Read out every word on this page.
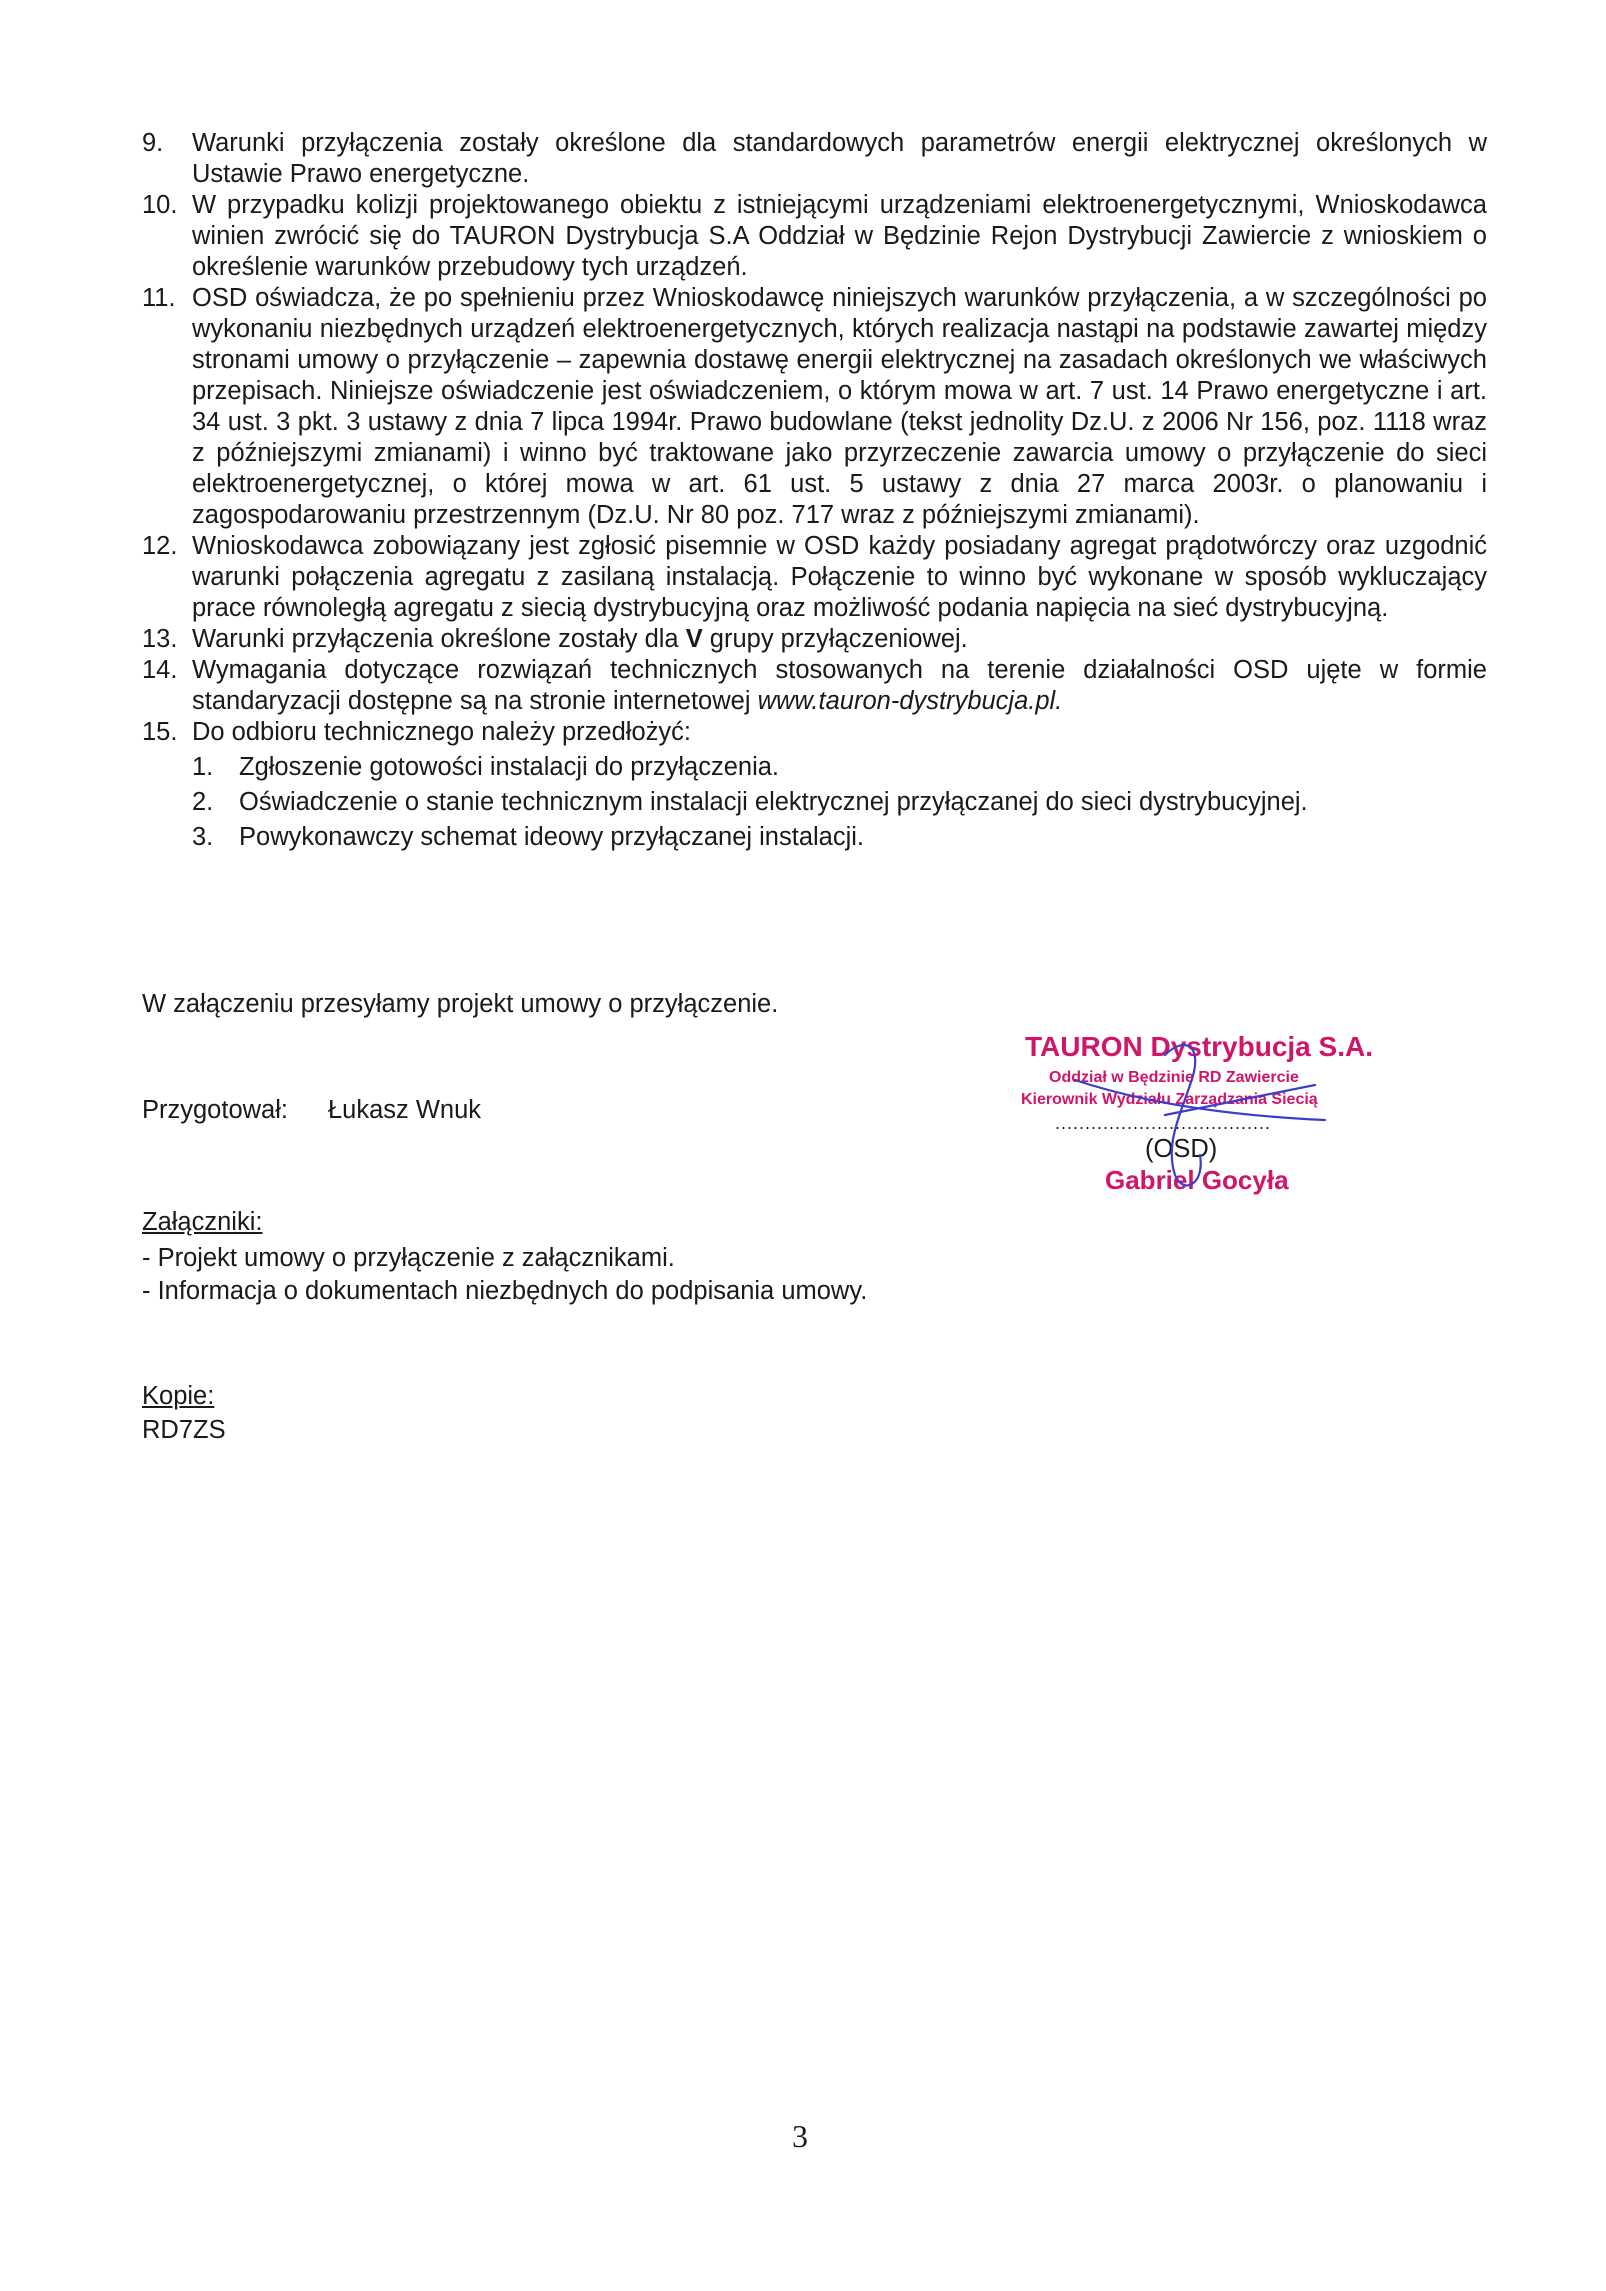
9.	Warunki przyłączenia zostały określone dla standardowych parametrów energii elektrycznej określonych w Ustawie Prawo energetyczne.
10. W przypadku kolizji projektowanego obiektu z istniejącymi urządzeniami elektroenergetycznymi, Wnioskodawca winien zwrócić się do TAURON Dystrybucja S.A Oddział w Będzinie Rejon Dystrybucji Zawiercie z wnioskiem o określenie warunków przebudowy tych urządzeń.
11. OSD oświadcza, że po spełnieniu przez Wnioskodawcę niniejszych warunków przyłączenia, a w szczególności po wykonaniu niezbędnych urządzeń elektroenergetycznych, których realizacja nastąpi na podstawie zawartej między stronami umowy o przyłączenie – zapewnia dostawę energii elektrycznej na zasadach określonych we właściwych przepisach. Niniejsze oświadczenie jest oświadczeniem, o którym mowa w art. 7 ust. 14 Prawo energetyczne i art. 34 ust. 3 pkt. 3 ustawy z dnia 7 lipca 1994r. Prawo budowlane (tekst jednolity Dz.U. z 2006 Nr 156, poz. 1118 wraz z późniejszymi zmianami) i winno być traktowane jako przyrzeczenie zawarcia umowy o przyłączenie do sieci elektroenergetycznej, o której mowa w art. 61 ust. 5 ustawy z dnia 27 marca 2003r. o planowaniu i zagospodarowaniu przestrzennym (Dz.U. Nr 80 poz. 717 wraz z późniejszymi zmianami).
12. Wnioskodawca zobowiązany jest zgłosić pisemnie w OSD każdy posiadany agregat prądotwórczy oraz uzgodnić warunki połączenia agregatu z zasilaną instalacją. Połączenie to winno być wykonane w sposób wykluczający prace równoległą agregatu z siecią dystrybucyjną oraz możliwość podania napięcia na sieć dystrybucyjną.
13. Warunki przyłączenia określone zostały dla V grupy przyłączeniowej.
14. Wymagania dotyczące rozwiązań technicznych stosowanych na terenie działalności OSD ujęte w formie standaryzacji dostępne są na stronie internetowej www.tauron-dystrybucja.pl.
15. Do odbioru technicznego należy przedłożyć:
1.	Zgłoszenie gotowości instalacji do przyłączenia.
2.	Oświadczenie o stanie technicznym instalacji elektrycznej przyłączanej do sieci dystrybucyjnej.
3.	Powykonawczy schemat ideowy przyłączanej instalacji.
W załączeniu przesyłamy projekt umowy o przyłączenie.
Przygotował: Łukasz Wnuk
TAURON Dystrybucja S.A.
Oddział w Będzinie RD Zawiercie
Kierownik Wydziału Zarządzania Siecią
....................................
(OSD)
Gabriel Gocyła
Załączniki:
- Projekt umowy o przyłączenie z załącznikami.
- Informacja o dokumentach niezbędnych do podpisania umowy.
Kopie:
RD7ZS
3
